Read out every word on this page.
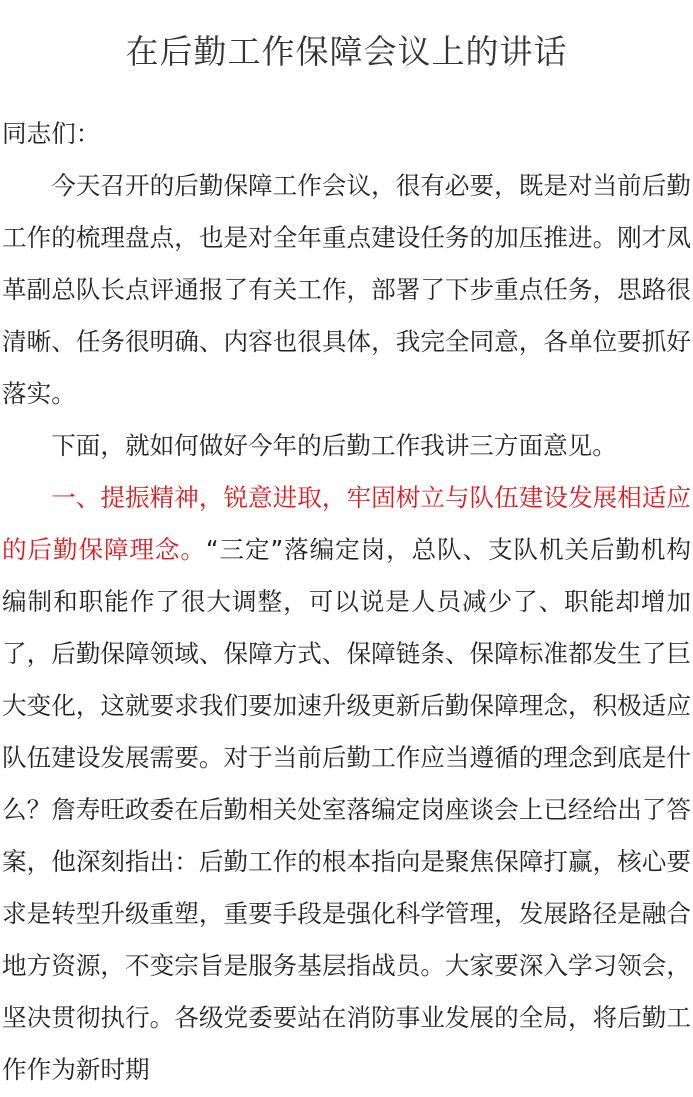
在后勤工作保障会议上的讲话

同志们：

今天召开的后勤保障工作会议，很有必要，既是对当前后勤工作的梳理盘点，也是对全年重点建设任务的加压推进。刚才凤革副总队长点评通报了有关工作，部署了下步重点任务，思路很清晰、任务很明确、内容也很具体，我完全同意，各单位要抓好落实。

下面，就如何做好今年的后勤工作我讲三方面意见。

一、提振精神，锐意进取，牢固树立与队伍建设发展相适应的后勤保障理念。“三定”落编定岗，总队、支队机关后勤机构编制和职能作了很大调整，可以说是人员减少了、职能却增加了，后勤保障领域、保障方式、保障链条、保障标准都发生了巨大变化，这就要求我们要加速升级更新后勤保障理念，积极适应队伍建设发展需要。对于当前后勤工作应当遵循的理念到底是什么？詹寿旺政委在后勤相关处室落编定岗座谈会上已经给出了答案，他深刻指出：后勤工作的根本指向是聚焦保障打赢，核心要求是转型升级重塑，重要手段是强化科学管理，发展路径是融合地方资源，不变宗旨是服务基层指战员。大家要深入学习领会，坚决贯彻执行。各级党委要站在消防事业发展的全局，将后勤工作作为新时期
